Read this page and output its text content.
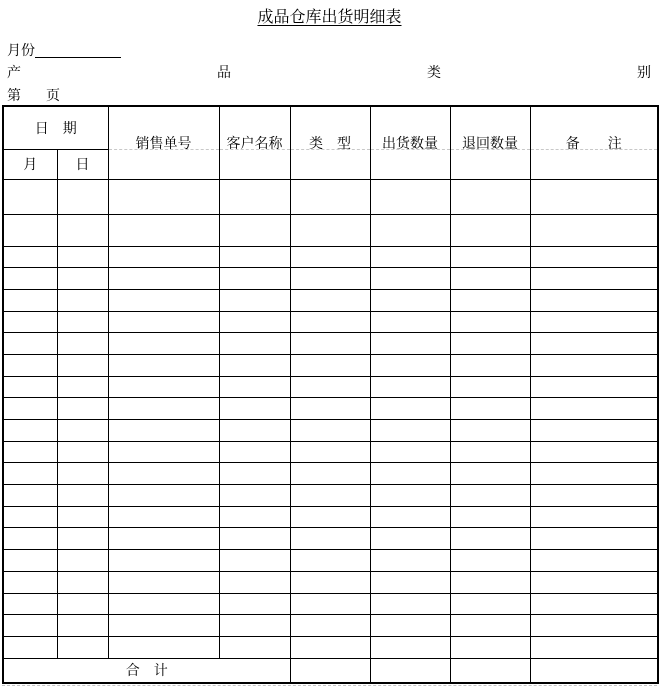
成品仓库出货明细表
月份
产	品	类	别
第 页
日　期		销售单号	客户名称	类　型	出货数量	退回数量	备　　注

月	日						

合　计							
